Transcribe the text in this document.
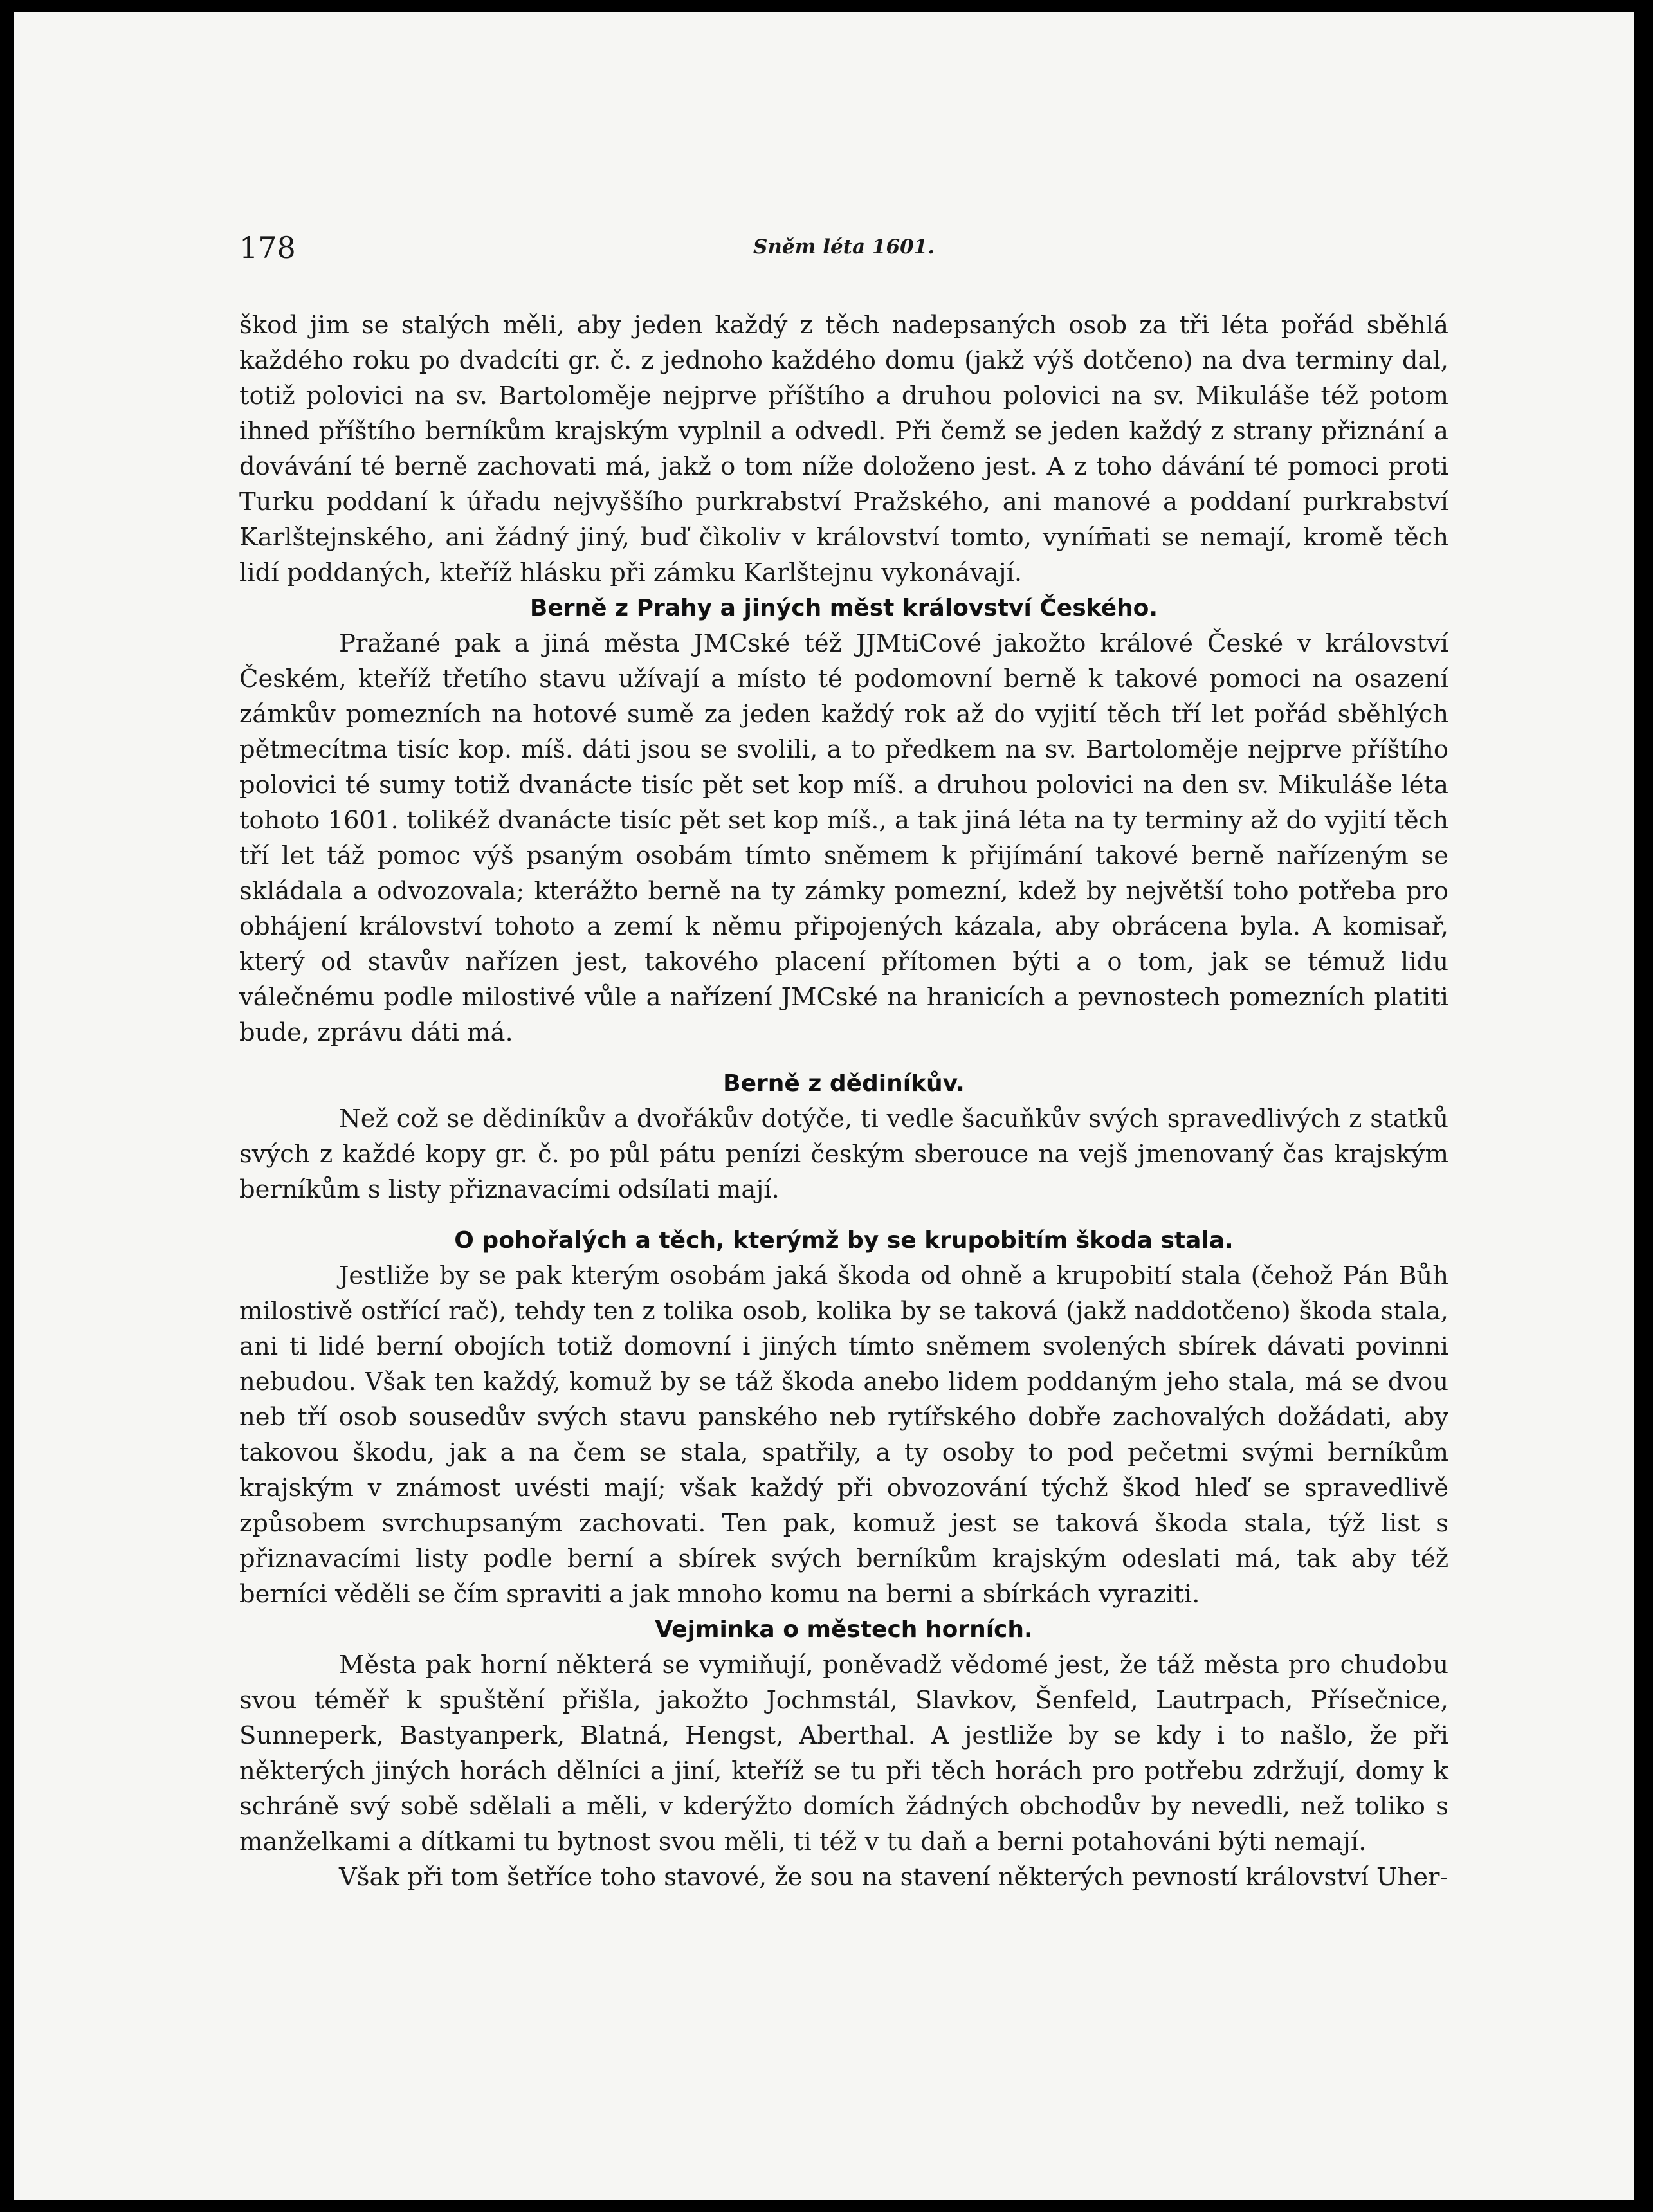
178	Sněm léta 1601.

škod jim se stalých měli, aby jeden každý z těch nadepsaných osob za tři léta pořád sběhlá každého roku po dvadcíti gr. č. z jednoho každého domu (jakž výš dotčeno) na dva terminy dal, totiž polovici na sv. Bartoloměje nejprve příštího a druhou polovici na sv. Mikuláše též potom ihned příštího berníkům krajským vyplnil a odvedl. Při čemž se jeden každý z strany přiznání a dovávání té berně zachovati má, jakž o tom níže doloženo jest. A z toho dávání té pomoci proti Turku poddaní k úřadu nejvyššího purkrabství Pražského, ani manové a poddaní purkrabství Karlštejnského, ani žádný jiný, buď čìkoliv v království tomto, vyním̄ati se nemají, kromě těch lidí poddaných, kteříž hlásku při zámku Karlštejnu vykonávají.

Berně z Prahy a jiných měst království Českého.

Pražané pak a jiná města JMCské též JJMtiCové jakožto králové České v království Českém, kteříž třetího stavu užívají a místo té podomovní berně k takové pomoci na osazení zámkův pomezních na hotové sumě za jeden každý rok až do vyjití těch tří let pořád sběhlých pětmecítma tisíc kop. míš. dáti jsou se svolili, a to předkem na sv. Bartoloměje nejprve příštího polovici té sumy totiž dvanácte tisíc pět set kop míš. a druhou polovici na den sv. Mikuláše léta tohoto 1601. tolikéž dvanácte tisíc pět set kop míš., a tak jiná léta na ty terminy až do vyjití těch tří let táž pomoc výš psaným osobám tímto sněmem k přijímání takové berně nařízeným se skládala a odvozovala; kterážto berně na ty zámky pomezní, kdež by největší toho potřeba pro obhájení království tohoto a zemí k němu připojených kázala, aby obrácena byla. A komisař, který od stavův nařízen jest, takového placení přítomen býti a o tom, jak se témuž lidu válečnému podle milostivé vůle a nařízení JMCské na hranicích a pevnostech pomezních platiti bude, zprávu dáti má.

Berně z dědiníkův.

Než což se dědiníkův a dvořákův dotýče, ti vedle šacuňkův svých spravedlivých z statků svých z každé kopy gr. č. po půl pátu penízi českým sberouce na vejš jmenovaný čas krajským berníkům s listy přiznavacími odsílati mají.

O pohořalých a těch, kterýmž by se krupobitím škoda stala.

Jestliže by se pak kterým osobám jaká škoda od ohně a krupobití stala (čehož Pán Bůh milostivě ostřící rač), tehdy ten z tolika osob, kolika by se taková (jakž naddotčeno) škoda stala, ani ti lidé berní obojích totiž domovní i jiných tímto sněmem svolených sbírek dávati povinni nebudou. Však ten každý, komuž by se táž škoda anebo lidem poddaným jeho stala, má se dvou neb tří osob sousedův svých stavu panského neb rytířského dobře zachovalých dožádati, aby takovou škodu, jak a na čem se stala, spatřily, a ty osoby to pod pečetmi svými berníkům krajským v známost uvésti mají; však každý při obvozování týchž škod hleď se spravedlivě způsobem svrchupsaným zachovati. Ten pak, komuž jest se taková škoda stala, týž list s přiznavacími listy podle berní a sbírek svých berníkům krajským odeslati má, tak aby též berníci věděli se čím spraviti a jak mnoho komu na berni a sbírkách vyraziti.

Vejminka o městech horních.

Města pak horní některá se vymiňují, poněvadž vědomé jest, že táž města pro chudobu svou téměř k spuštění přišla, jakožto Jochmstál, Slavkov, Šenfeld, Lautrpach, Přísečnice, Sunneperk, Bastyanperk, Blatná, Hengst, Aberthal. A jestliže by se kdy i to našlo, že při některých jiných horách dělníci a jiní, kteříž se tu při těch horách pro potřebu zdržují, domy k schráně svý sobě sdělali a měli, v kderýžto domích žádných obchodův by nevedli, než toliko s manželkami a dítkami tu bytnost svou měli, ti též v tu daň a berni potahováni býti nemají.

Však při tom šetříce toho stavové, že sou na stavení některých pevností království Uher-
